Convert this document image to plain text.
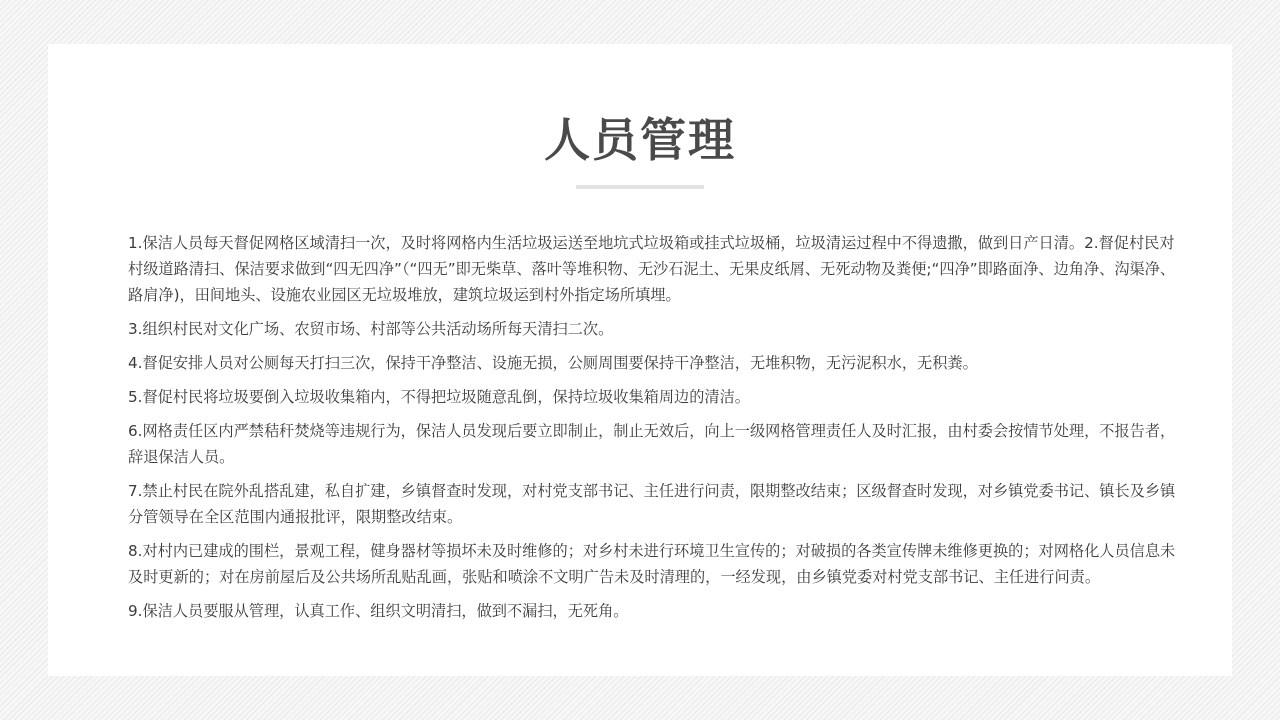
人员管理

1.保洁人员每天督促网格区域清扫一次，及时将网格内生活垃圾运送至地坑式垃圾箱或挂式垃圾桶，垃圾清运过程中不得遗撒，做到日产日清。2.督促村民对村级道路清扫、保洁要求做到“四无四净”（“四无”即无柴草、落叶等堆积物、无沙石泥土、无果皮纸屑、无死动物及粪便;“四净”即路面净、边角净、沟渠净、路肩净)，田间地头、设施农业园区无垃圾堆放，建筑垃圾运到村外指定场所填埋。

3.组织村民对文化广场、农贸市场、村部等公共活动场所每天清扫二次。

4.督促安排人员对公厕每天打扫三次，保持干净整洁、设施无损，公厕周围要保持干净整洁，无堆积物，无污泥积水，无积粪。

5.督促村民将垃圾要倒入垃圾收集箱内，不得把垃圾随意乱倒，保持垃圾收集箱周边的清洁。

6.网格责任区内严禁秸秆焚烧等违规行为，保洁人员发现后要立即制止，制止无效后，向上一级网格管理责任人及时汇报，由村委会按情节处理，不报告者，辞退保洁人员。

7.禁止村民在院外乱搭乱建，私自扩建，乡镇督查时发现，对村党支部书记、主任进行问责，限期整改结束；区级督查时发现，对乡镇党委书记、镇长及乡镇分管领导在全区范围内通报批评，限期整改结束。

8.对村内已建成的围栏，景观工程，健身器材等损坏未及时维修的；对乡村未进行环境卫生宣传的；对破损的各类宣传牌未维修更换的；对网格化人员信息未及时更新的；对在房前屋后及公共场所乱贴乱画，张贴和喷涂不文明广告未及时清理的，一经发现，由乡镇党委对村党支部书记、主任进行问责。

9.保洁人员要服从管理，认真工作、组织文明清扫，做到不漏扫，无死角。
